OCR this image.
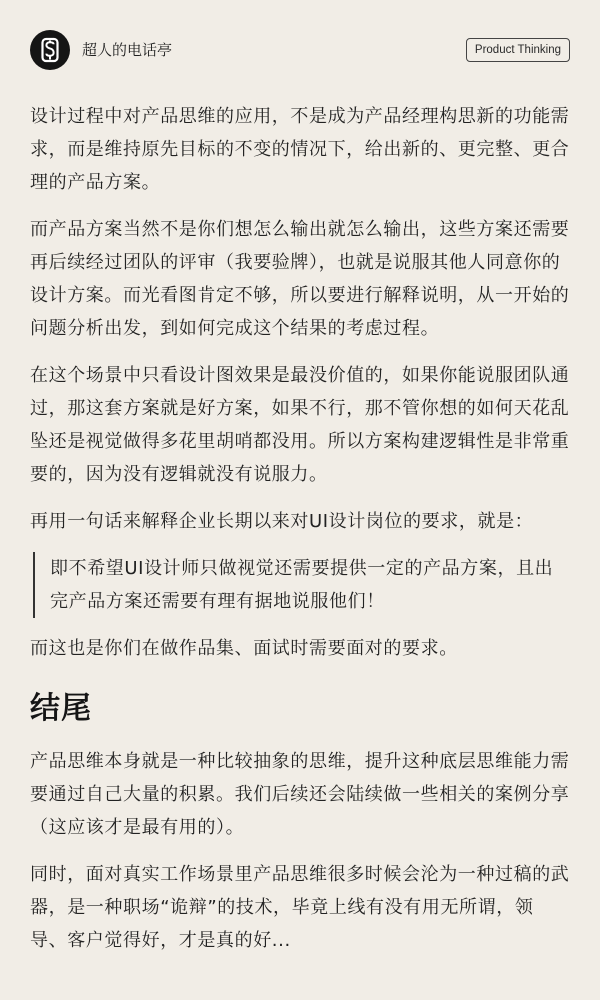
超人的电话亭	Product Thinking

设计过程中对产品思维的应用，不是成为产品经理构思新的功能需求，而是维持原先目标的不变的情况下，给出新的、更完整、更合理的产品方案。

而产品方案当然不是你们想怎么输出就怎么输出，这些方案还需要再后续经过团队的评审（我要验牌），也就是说服其他人同意你的设计方案。而光看图肯定不够，所以要进行解释说明，从一开始的问题分析出发，到如何完成这个结果的考虑过程。

在这个场景中只看设计图效果是最没价值的，如果你能说服团队通过，那这套方案就是好方案，如果不行，那不管你想的如何天花乱坠还是视觉做得多花里胡哨都没用。所以方案构建逻辑性是非常重要的，因为没有逻辑就没有说服力。

再用一句话来解释企业长期以来对UI设计岗位的要求，就是：

即不希望UI设计师只做视觉还需要提供一定的产品方案，且出完产品方案还需要有理有据地说服他们！

而这也是你们在做作品集、面试时需要面对的要求。

结尾

产品思维本身就是一种比较抽象的思维，提升这种底层思维能力需要通过自己大量的积累。我们后续还会陆续做一些相关的案例分享（这应该才是最有用的）。

同时，面对真实工作场景里产品思维很多时候会沦为一种过稿的武器，是一种职场“诡辩”的技术，毕竟上线有没有用无所谓，领导、客户觉得好，才是真的好...
